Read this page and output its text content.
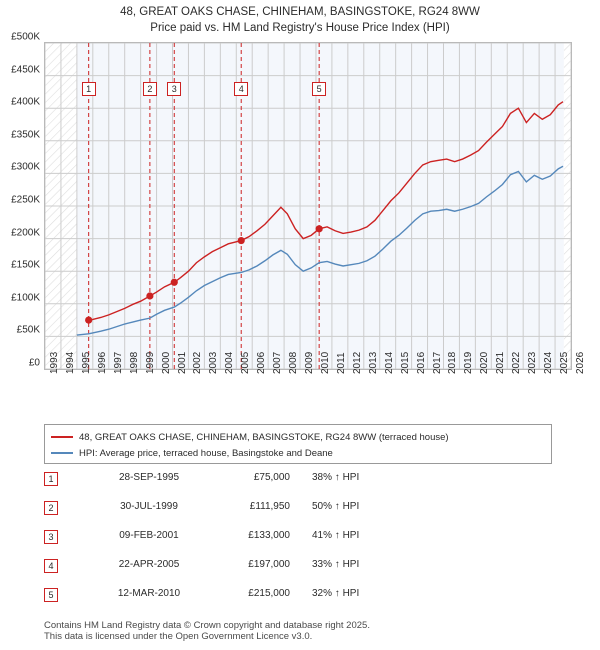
48, GREAT OAKS CHASE, CHINEHAM, BASINGSTOKE, RG24 8WW
Price paid vs. HM Land Registry's House Price Index (HPI)
£0
£50K
£100K
£150K
£200K
£250K
£300K
£350K
£400K
£450K
£500K
1	2	3	4	5
1993 1994 1995 1996 1997 1998 1999 2000 2001 2002 2003 2004 2005 2006 2007 2008 2009 2010 2011 2012 2013 2014 2015 2016 2017 2018 2019 2020 2021 2022 2023 2024 2025 2026
48, GREAT OAKS CHASE, CHINEHAM, BASINGSTOKE, RG24 8WW (terraced house)
HPI: Average price, terraced house, Basingstoke and Deane
1	28-SEP-1995	£75,000 38% ↑ HPI
2	30-JUL-1999	£111,950 50% ↑ HPI
3	09-FEB-2001	£133,000 41% ↑ HPI
4	22-APR-2005	£197,000 33% ↑ HPI
5	12-MAR-2010	£215,000 32% ↑ HPI
Contains HM Land Registry data © Crown copyright and database right 2025.
This data is licensed under the Open Government Licence v3.0.
